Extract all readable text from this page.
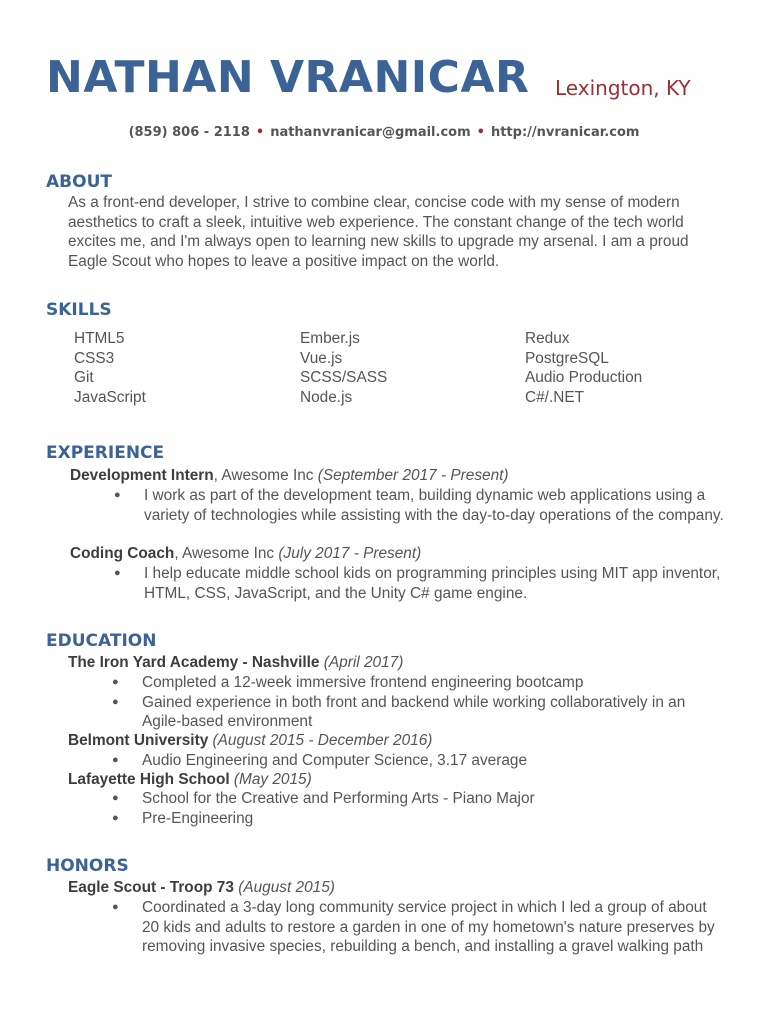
NATHAN VRANICAR Lexington, KY
(859) 806 - 2118 • nathanvranicar@gmail.com • http://nvranicar.com
ABOUT
As a front-end developer, I strive to combine clear, concise code with my sense of modern aesthetics to craft a sleek, intuitive web experience. The constant change of the tech world excites me, and I'm always open to learning new skills to upgrade my arsenal. I am a proud Eagle Scout who hopes to leave a positive impact on the world.
SKILLS
HTML5	Ember.js	Redux
CSS3	Vue.js	PostgreSQL
Git	SCSS/SASS	Audio Production
JavaScript	Node.js	C#/.NET
EXPERIENCE
Development Intern, Awesome Inc (September 2017 - Present)
● I work as part of the development team, building dynamic web applications using a variety of technologies while assisting with the day-to-day operations of the company.
Coding Coach, Awesome Inc (July 2017 - Present)
● I help educate middle school kids on programming principles using MIT app inventor, HTML, CSS, JavaScript, and the Unity C# game engine.
EDUCATION
The Iron Yard Academy - Nashville (April 2017)
● Completed a 12-week immersive frontend engineering bootcamp
● Gained experience in both front and backend while working collaboratively in an Agile-based environment
Belmont University (August 2015 - December 2016)
● Audio Engineering and Computer Science, 3.17 average
Lafayette High School (May 2015)
● School for the Creative and Performing Arts - Piano Major
● Pre-Engineering
HONORS
Eagle Scout - Troop 73 (August 2015)
● Coordinated a 3-day long community service project in which I led a group of about 20 kids and adults to restore a garden in one of my hometown's nature preserves by removing invasive species, rebuilding a bench, and installing a gravel walking path
